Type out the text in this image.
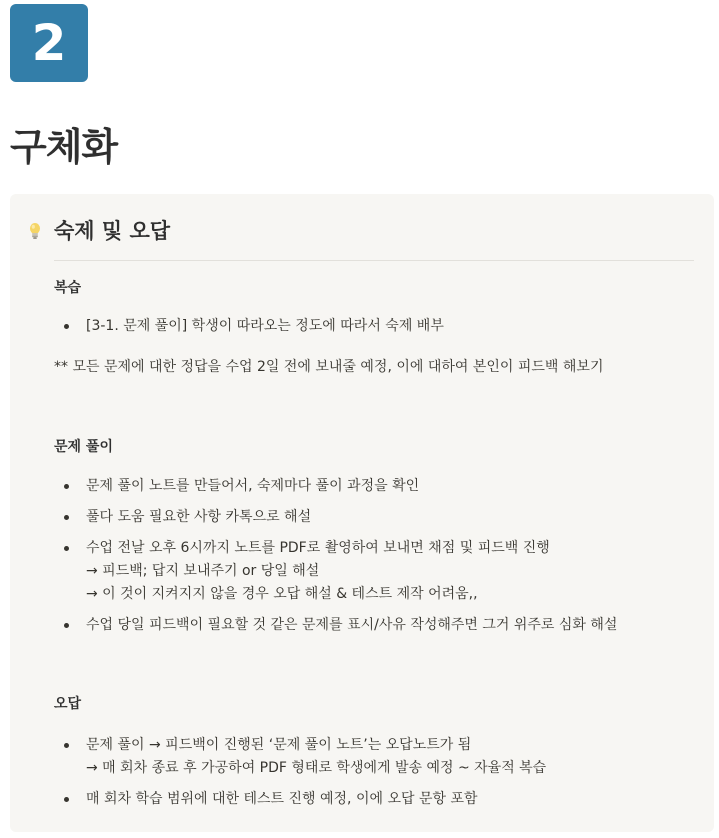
2
구체화
숙제 및 오답
복습
[3-1. 문제 풀이] 학생이 따라오는 정도에 따라서 숙제 배부
** 모든 문제에 대한 정답을 수업 2일 전에 보내줄 예정, 이에 대하여 본인이 피드백 해보기
문제 풀이
문제 풀이 노트를 만들어서, 숙제마다 풀이 과정을 확인
풀다 도움 필요한 사항 카톡으로 해설
수업 전날 오후 6시까지 노트를 PDF로 촬영하여 보내면 채점 및 피드백 진행
→ 피드백; 답지 보내주기 or 당일 해설
→ 이 것이 지켜지지 않을 경우 오답 해설 & 테스트 제작 어려움,,
수업 당일 피드백이 필요할 것 같은 문제를 표시/사유 작성해주면 그거 위주로 심화 해설
오답
문제 풀이 → 피드백이 진행된 ‘문제 풀이 노트’는 오답노트가 됨
→ 매 회차 종료 후 가공하여 PDF 형태로 학생에게 발송 예정 ~ 자율적 복습
매 회차 학습 범위에 대한 테스트 진행 예정, 이에 오답 문항 포함
